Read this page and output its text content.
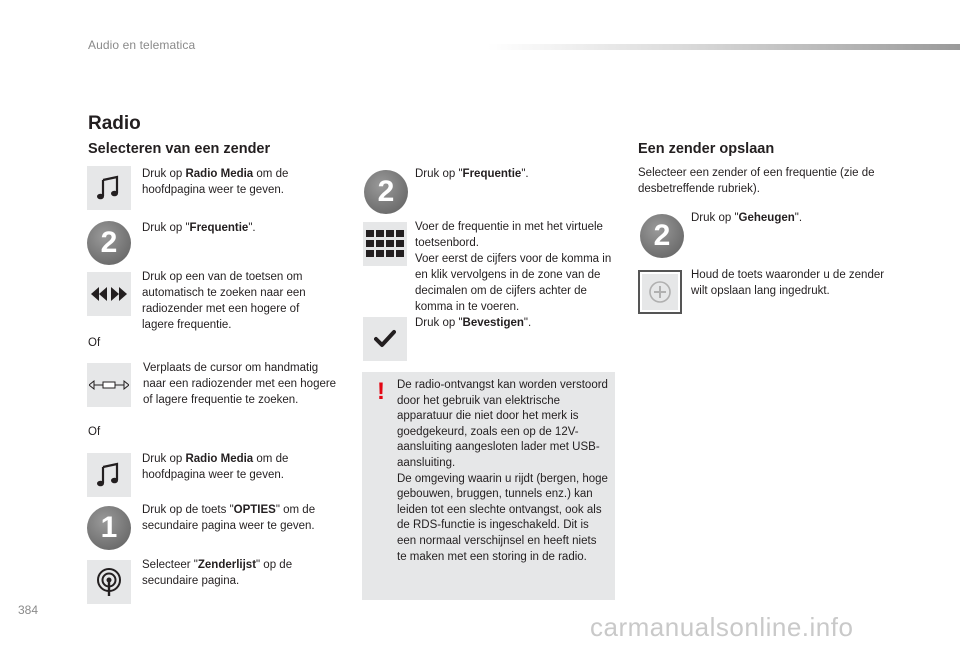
Audio en telematica
Radio
Selecteren van een zender
Druk op Radio Media om de hoofdpagina weer te geven.
2	Druk op "Frequentie".
Druk op een van de toetsen om automatisch te zoeken naar een radiozender met een hogere of lagere frequentie.
Of
Verplaats de cursor om handmatig naar een radiozender met een hogere of lagere frequentie te zoeken.
Of
Druk op Radio Media om de hoofdpagina weer te geven.
1
Druk op de toets "OPTIES" om de secundaire pagina weer te geven.
Selecteer "Zenderlijst" op de secundaire pagina.
2
Druk op "Frequentie".
Voer de frequentie in met het virtuele toetsenbord.
Voer eerst de cijfers voor de komma in en klik vervolgens in de zone van de decimalen om de cijfers achter de komma in te voeren.
Druk op "Bevestigen".
! De radio-ontvangst kan worden verstoord door het gebruik van elektrische apparatuur die niet door het merk is goedgekeurd, zoals een op de 12V-aansluiting aangesloten lader met USB-aansluiting.
De omgeving waarin u rijdt (bergen, hoge gebouwen, bruggen, tunnels enz.) kan leiden tot een slechte ontvangst, ook als de RDS-functie is ingeschakeld. Dit is een normaal verschijnsel en heeft niets te maken met een storing in de radio.
Een zender opslaan
Selecteer een zender of een frequentie (zie de desbetreffende rubriek).
2
Druk op "Geheugen".
Houd de toets waaronder u de zender wilt opslaan lang ingedrukt.
384
carmanualsonline.info
